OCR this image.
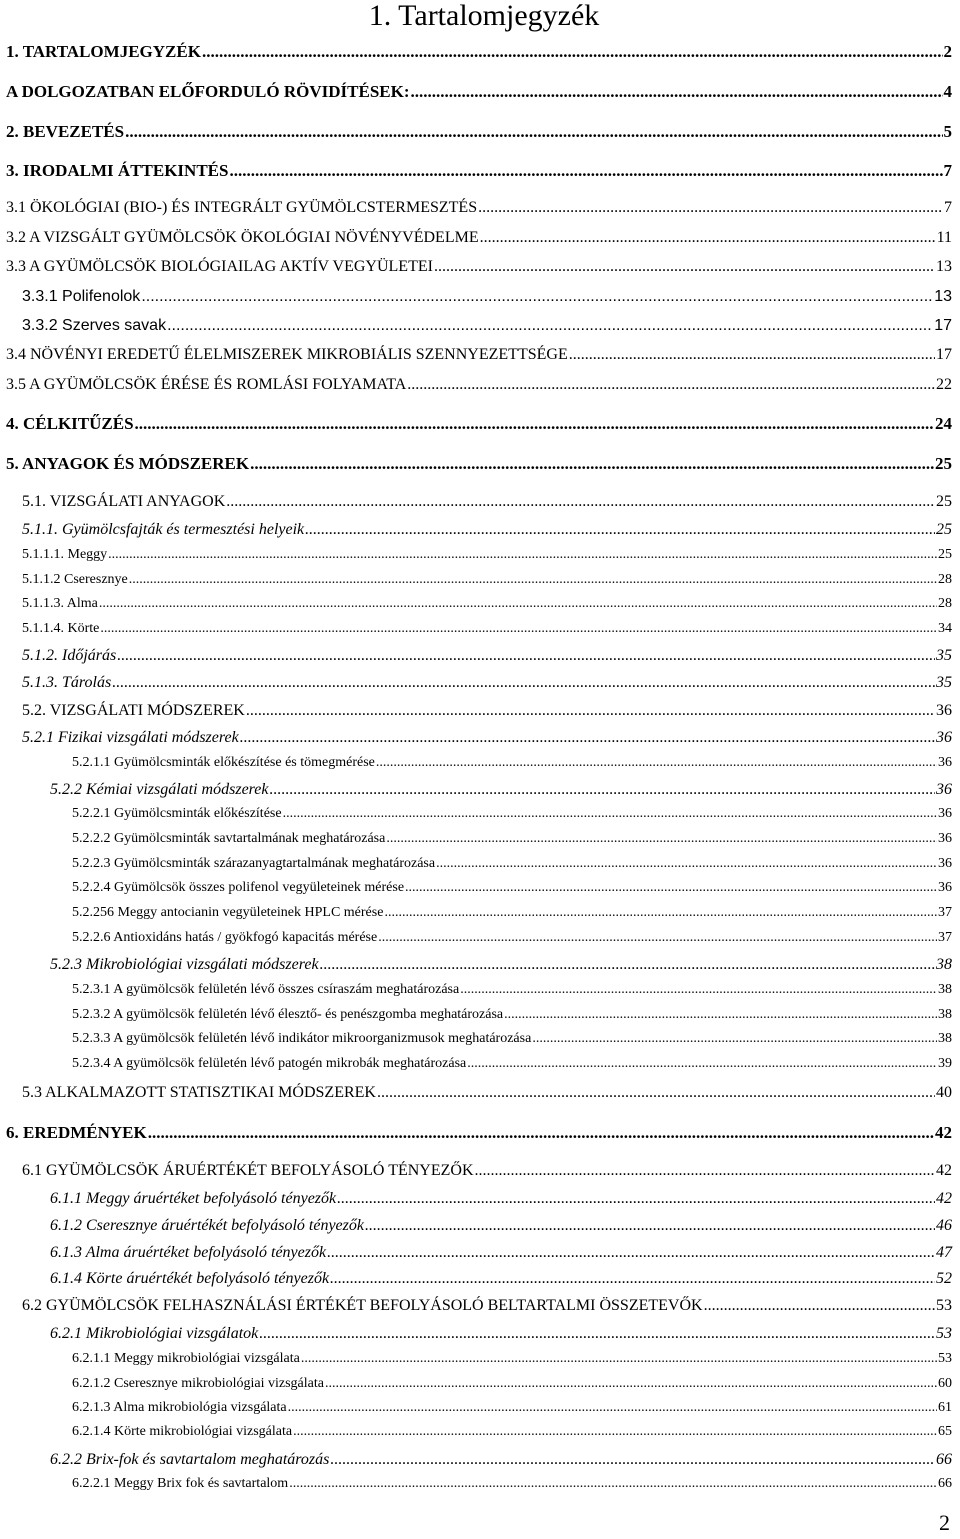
1. Tartalomjegyzék
1. TARTALOMJEGYZÉK .....	2
A DOLGOZATBAN ELŐFORDULÓ RÖVIDÍTÉSEK: .....	4
2. BEVEZETÉS .....	5
3. IRODALMI ÁTTEKINTÉS .....	7
3.1 ÖKOLÓGIAI (BIO-) ÉS INTEGRÁLT GYÜMÖLCSTERMESZTÉS .....	7
3.2 A VIZSGÁLT GYÜMÖLCSÖK ÖKOLÓGIAI NÖVÉNYVÉDELME .....	11
3.3 A GYÜMÖLCSÖK BIOLÓGIAILAG AKTÍV VEGYÜLETEI .....	13
3.3.1 Polifenolok .....	13
3.3.2 Szerves savak .....	17
3.4 NÖVÉNYI EREDETŰ ÉLELMISZEREK MIKROBIÁLIS SZENNYEZETTSÉGE .....	17
3.5 A GYÜMÖLCSÖK ÉRÉSE ÉS ROMLÁSI FOLYAMATA .....	22
4. CÉLKITŰZÉS .....	24
5. ANYAGOK ÉS MÓDSZEREK .....	25
5.1. VIZSGÁLATI ANYAGOK .....	25
5.1.1. Gyümölcsfajták és termesztési helyeik .....	25
5.1.1.1. Meggy .....	25
5.1.1.2 Cseresznye .....	28
5.1.1.3. Alma .....	28
5.1.1.4. Körte .....	34
5.1.2. Időjárás .....	35
5.1.3. Tárolás .....	35
5.2. VIZSGÁLATI MÓDSZEREK .....	36
5.2.1 Fizikai vizsgálati módszerek .....	36
5.2.1.1 Gyümölcsminták előkészítése és tömegmérése .....	36
5.2.2 Kémiai vizsgálati módszerek .....	36
5.2.2.1 Gyümölcsminták előkészítése .....	36
5.2.2.2 Gyümölcsminták savtartalmának meghatározása .....	36
5.2.2.3 Gyümölcsminták szárazanyagtartalmának meghatározása .....	36
5.2.2.4 Gyümölcsök összes polifenol vegyületeinek mérése .....	36
5.2.256 Meggy antocianin vegyületeinek HPLC mérése .....	37
5.2.2.6 Antioxidáns hatás / gyökfogó kapacitás mérése .....	37
5.2.3 Mikrobiológiai vizsgálati módszerek .....	38
5.2.3.1 A gyümölcsök felületén lévő összes csíraszám meghatározása .....	38
5.2.3.2 A gyümölcsök felületén lévő élesztő- és penészgomba meghatározása .....	38
5.2.3.3 A gyümölcsök felületén lévő indikátor mikroorganizmusok meghatározása .....	38
5.2.3.4 A gyümölcsök felületén lévő patogén mikrobák meghatározása .....	39
5.3 ALKALMAZOTT STATISZTIKAI MÓDSZEREK .....	40
6. EREDMÉNYEK .....	42
6.1 GYÜMÖLCSÖK ÁRUÉRTÉKÉT BEFOLYÁSOLÓ TÉNYEZŐK .....	42
6.1.1 Meggy áruértéket befolyásoló tényezők .....	42
6.1.2 Cseresznye áruértékét befolyásoló tényezők .....	46
6.1.3 Alma áruértéket befolyásoló tényezők .....	47
6.1.4 Körte áruértékét befolyásoló tényezők .....	52
6.2 GYÜMÖLCSÖK FELHASZNÁLÁSI ÉRTÉKÉT BEFOLYÁSOLÓ BELTARTALMI ÖSSZETEVŐK .....	53
6.2.1 Mikrobiológiai vizsgálatok .....	53
6.2.1.1 Meggy mikrobiológiai vizsgálata .....	53
6.2.1.2 Cseresznye mikrobiológiai vizsgálata .....	60
6.2.1.3 Alma mikrobiológia vizsgálata .....	61
6.2.1.4 Körte mikrobiológiai vizsgálata .....	65
6.2.2 Brix-fok és savtartalom meghatározás .....	66
6.2.2.1 Meggy Brix fok és savtartalom .....	66
2
